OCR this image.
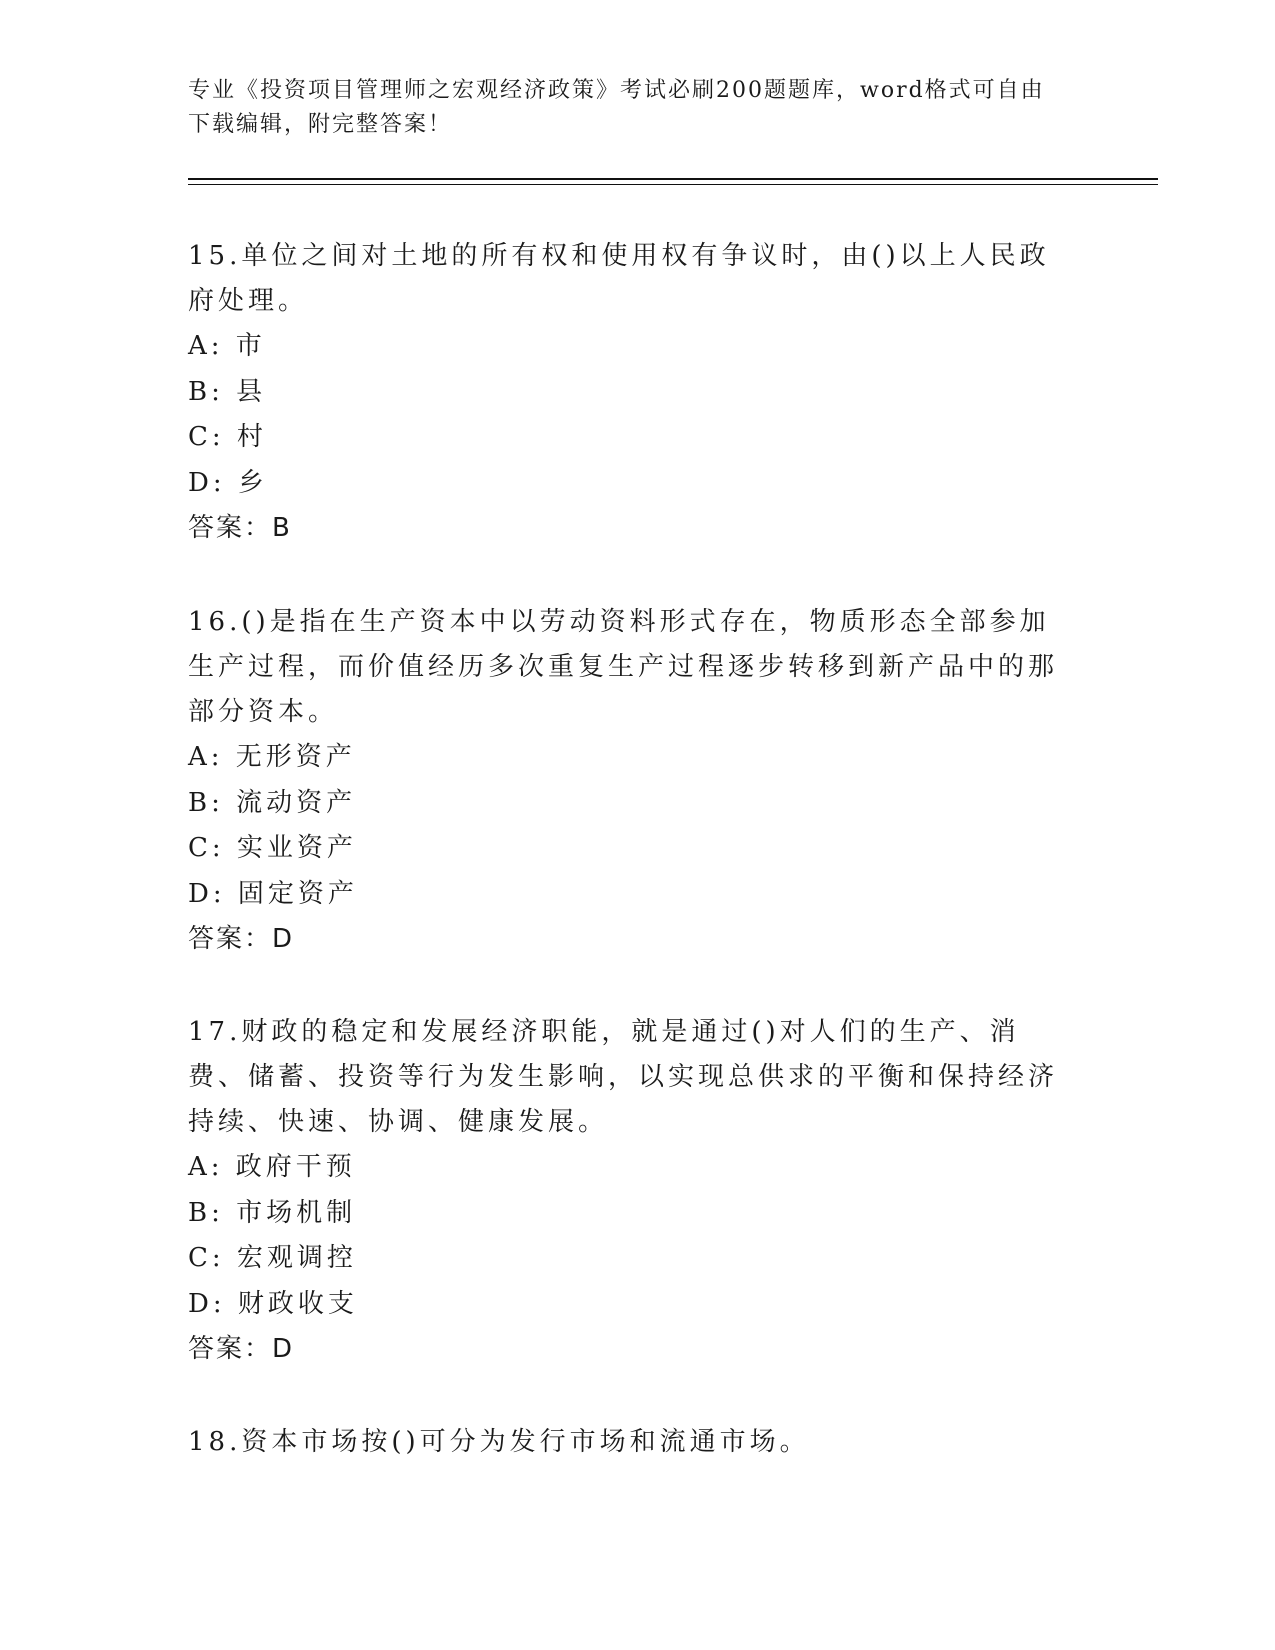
专业《投资项目管理师之宏观经济政策》考试必刷200题题库，word格式可自由
下载编辑，附完整答案！

15.单位之间对土地的所有权和使用权有争议时，由()以上人民政府处理。

A: 市

B: 县

C: 村

D: 乡

答案：B

16.()是指在生产资本中以劳动资料形式存在，物质形态全部参加生产过程，而价值经历多次重复生产过程逐步转移到新产品中的那部分资本。

A: 无形资产

B: 流动资产

C: 实业资产

D: 固定资产

答案：D

17.财政的稳定和发展经济职能，就是通过()对人们的生产、消费、储蓄、投资等行为发生影响，以实现总供求的平衡和保持经济持续、快速、协调、健康发展。

A: 政府干预

B: 市场机制

C: 宏观调控

D: 财政收支

答案：D

18.资本市场按()可分为发行市场和流通市场。
